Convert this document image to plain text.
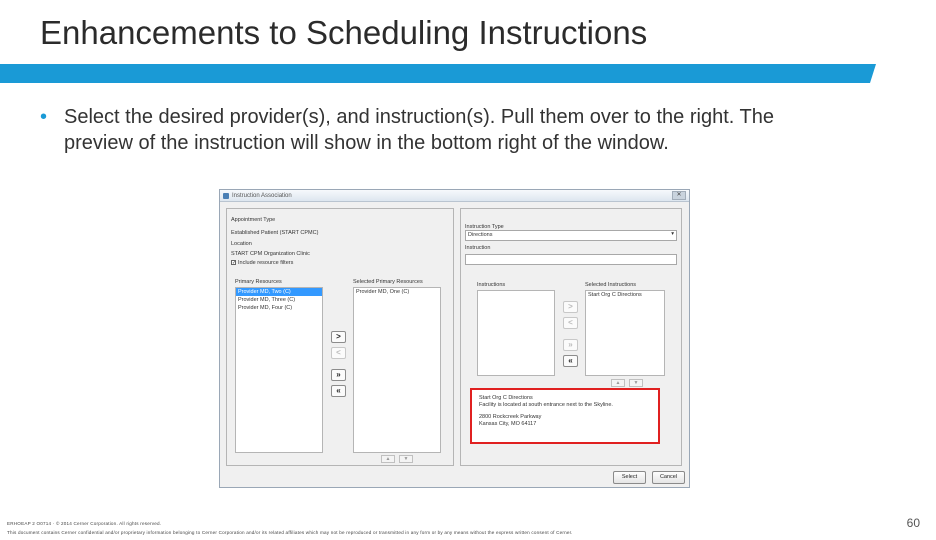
Enhancements to Scheduling Instructions
• Select the desired provider(s), and instruction(s). Pull them over to the right. The preview of the instruction will show in the bottom right of the window.
Instruction Association	✕
Appointment Type
Established Patient (START CPMC)
Location
START CPM Organization Clinic
✓ Include resource filters
Primary Resources
Provider MD, Two (C)
Provider MD, Three (C)
Provider MD, Four (C)
>
<
»
«
Selected Primary Resources
Provider MD, One (C)
▲	▼
Instruction Type
Directions	▾
Instruction
Instructions
>
<
»
«
Selected Instructions
Start Org C Directions
▲	▼
Start Org C Directions
Facility is located at south entrance next to the Skyline.
2800 Rockcreek Parkway
Kansas City, MO 64117
Select	Cancel
ERHOEAP 2 O0714 · © 2014 Cerner Corporation. All rights reserved.
This document contains Cerner confidential and/or proprietary information belonging to Cerner Corporation and/or its related affiliates which may not be reproduced or transmitted in any form or by any means without the express written consent of Cerner.
60
